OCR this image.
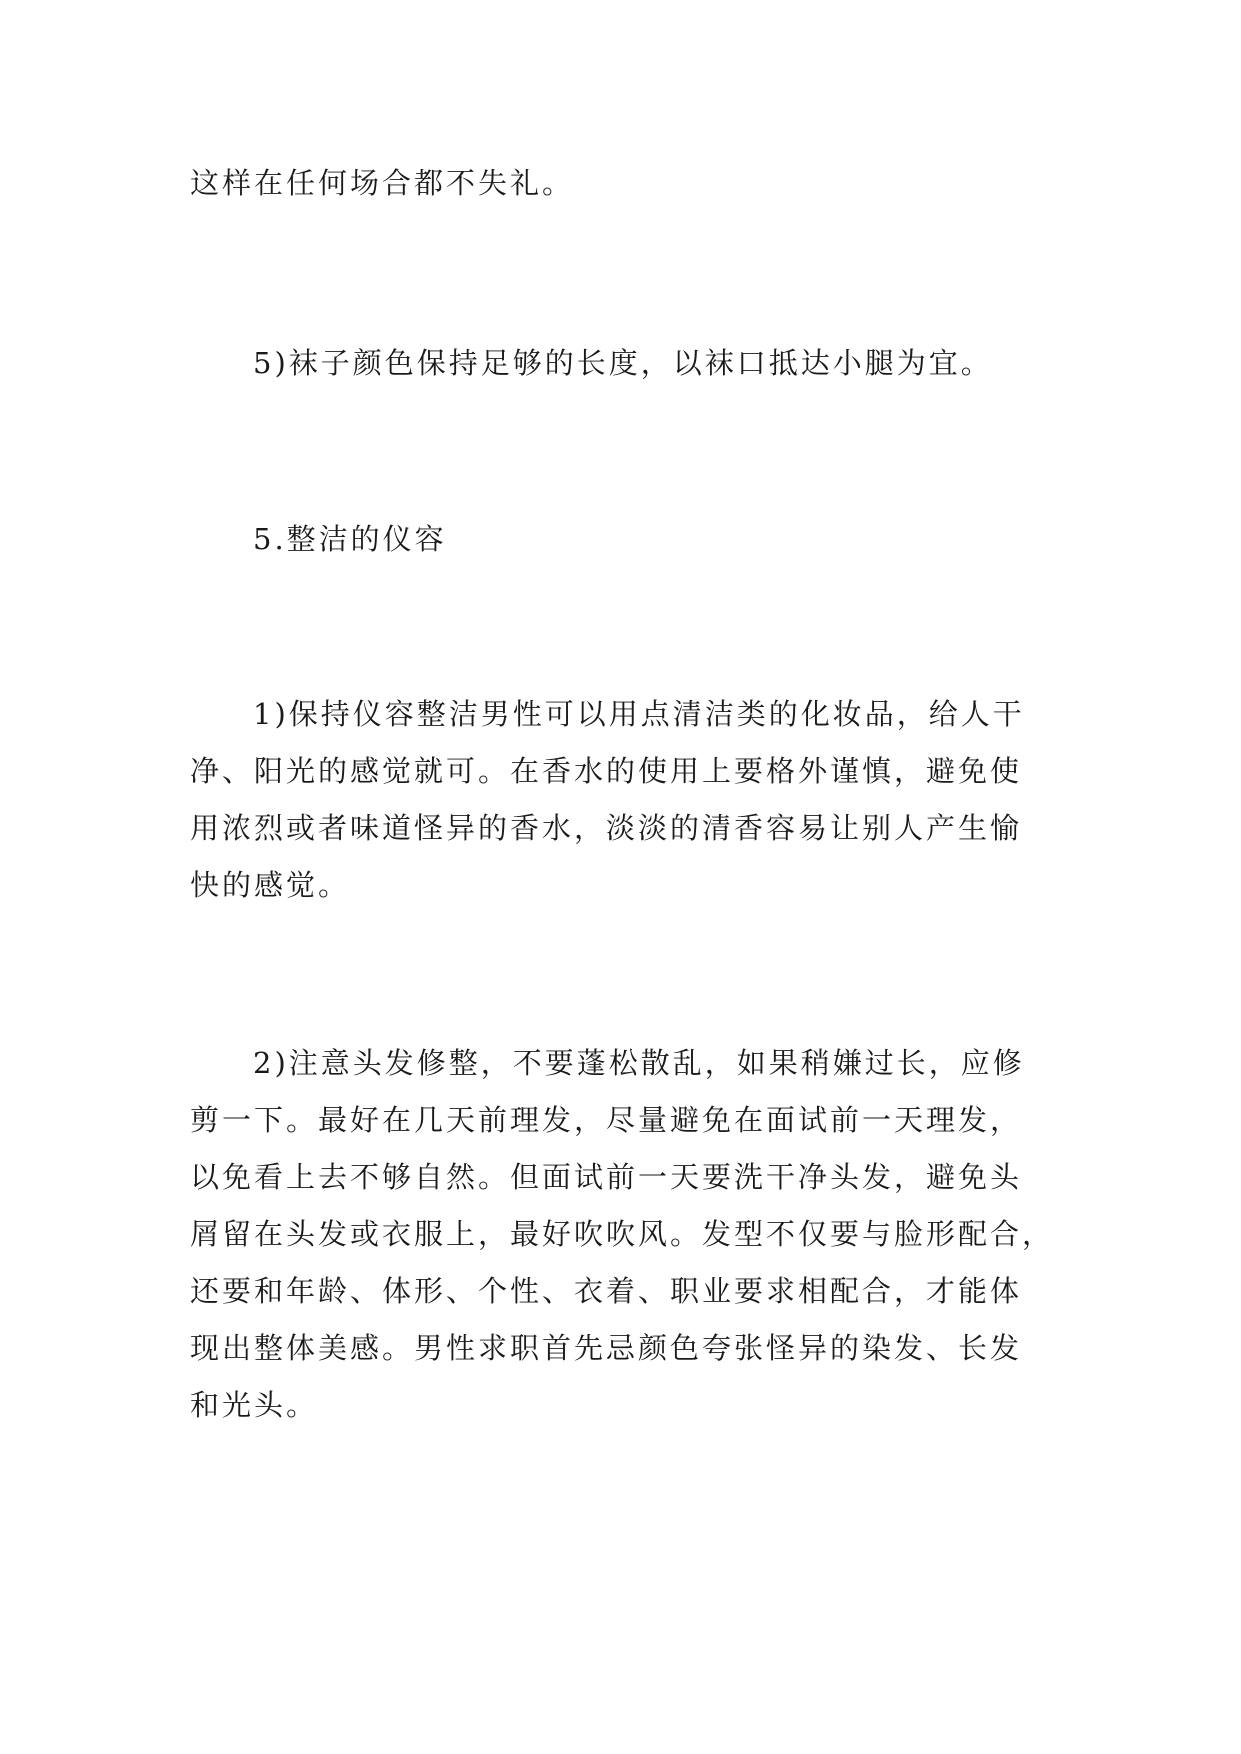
这样在任何场合都不失礼。
5)袜子颜色保持足够的长度，以袜口抵达小腿为宜。
5.整洁的仪容
1)保持仪容整洁男性可以用点清洁类的化妆品，给人干
净、阳光的感觉就可。在香水的使用上要格外谨慎，避免使
用浓烈或者味道怪异的香水，淡淡的清香容易让别人产生愉
快的感觉。
2)注意头发修整，不要蓬松散乱，如果稍嫌过长，应修
剪一下。最好在几天前理发，尽量避免在面试前一天理发，
以免看上去不够自然。但面试前一天要洗干净头发，避免头
屑留在头发或衣服上，最好吹吹风。发型不仅要与脸形配合，
还要和年龄、体形、个性、衣着、职业要求相配合，才能体
现出整体美感。男性求职首先忌颜色夸张怪异的染发、长发
和光头。
